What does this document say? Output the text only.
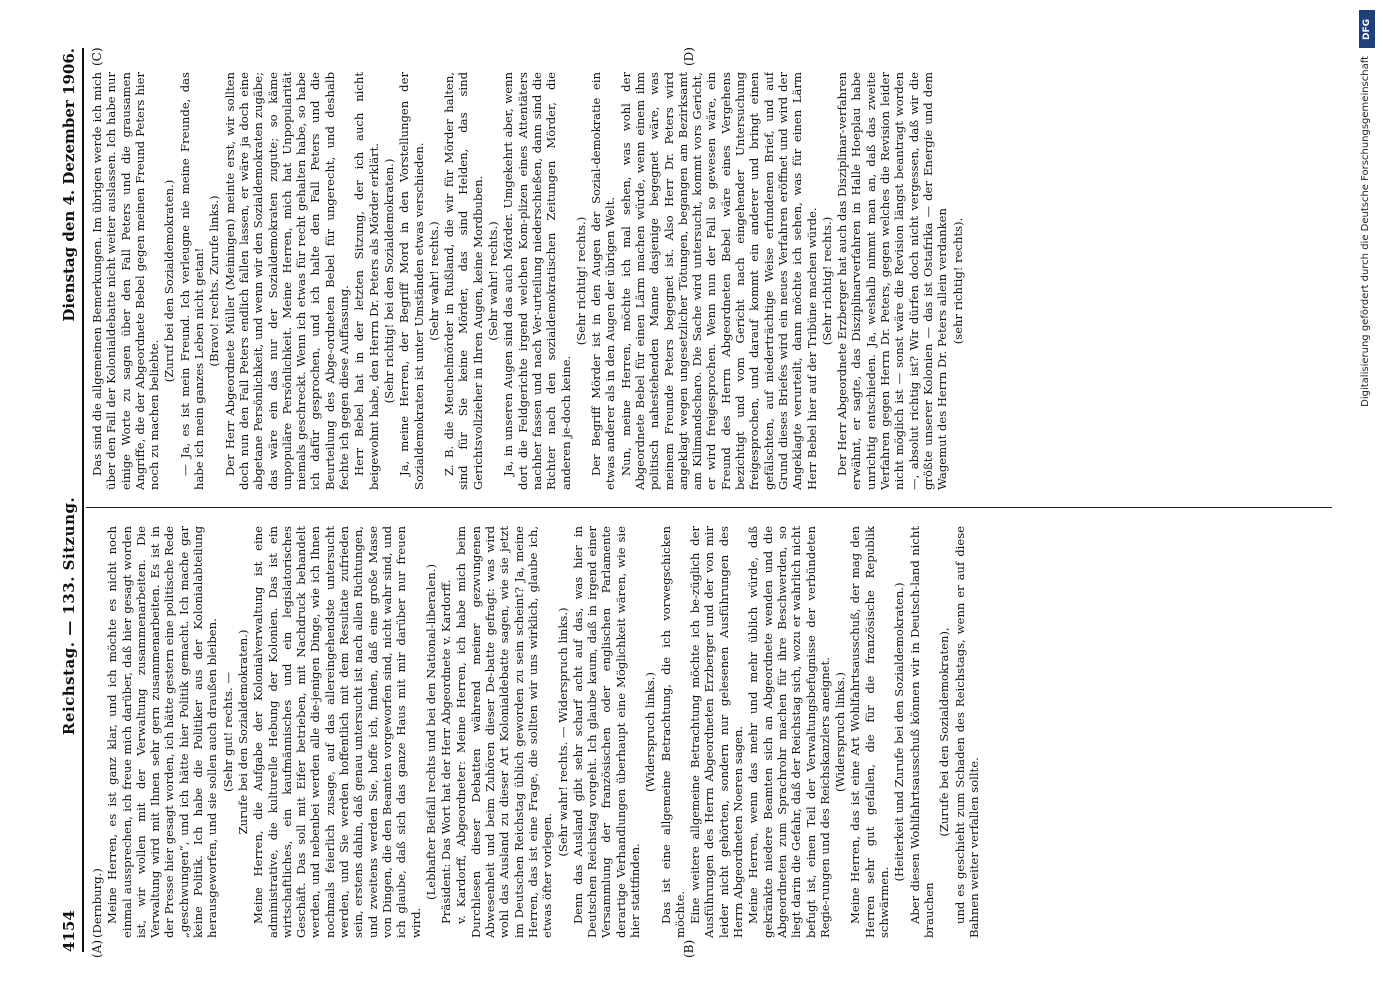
4154
Reichstag. — 133. Sitzung.
Dienstag den 4. Dezember 1906.
(A)	(B)
(C)	(D)

(Dernburg.) Meine Herren, es ist ganz klar, und ich möchte es nicht noch einmal aussprechen, ich freue mich darüber, daß hier gesagt worden ist, wir wollen mit der Verwaltung zusammenarbeiten. Die Verwaltung wird mit Ihnen sehr gern zusammenarbeiten. Es ist in der Presse hier gesagt worden, ich hätte gestern eine politische Rede „geschwungen“, und ich hätte hier Politik gemacht. Ich mache gar keine Politik. Ich habe die Politiker aus der Kolonialabteilung herausgeworfen, und sie sollen auch draußen bleiben. (Sehr gut! rechts. — Zurufe bei den Sozialdemokraten.) Meine Herren, die Aufgabe der Kolonialverwaltung ist eine administrative, die kulturelle Hebung der Kolonien. Das ist ein wirtschaftliches, ein kaufmännisches und ein legislatorisches Geschäft. Das soll mit Eifer betrieben, mit Nachdruck behandelt werden, und nebenbei werden alle die-jenigen Dinge, wie ich Ihnen nochmals feierlich zusage, auf das allereingehendste untersucht werden, und Sie werden hoffentlich mit dem Resultate zufrieden sein, erstens dahin, daß genau untersucht ist nach allen Richtungen, und zweitens werden Sie, hoffe ich, finden, daß eine große Masse von Dingen, die den Beamten vorgeworfen sind, nicht wahr sind, und ich glaube, daß sich das ganze Haus mit mir darüber nur freuen wird.

(Lebhafter Beifall rechts und bei den National-liberalen.) Präsident: Das Wort hat der Herr Abgeordnete v. Kardorff. v. Kardorff, Abgeordneter: Meine Herren, ich habe mich beim Durchlesen dieser Debatten während meiner gezwungenen Abwesenheit und beim Zuhören dieser De-batte gefragt: was wird wohl das Ausland zu dieser Art Kolonialdebatte sagen, wie sie jetzt im Deutschen Reichstag üblich geworden zu sein scheint? Ja, meine Herren, das ist eine Frage, die sollten wir uns wirklich, glaube ich, etwas öfter vorlegen.

(Sehr wahr! rechts. — Widerspruch links.) Denn das Ausland gibt sehr scharf acht auf das, was hier in Deutschen Reichstag vorgeht. Ich glaube kaum, daß in irgend einer Versammlung der französischen oder englischen Parlamente derartige Verhandlungen überhaupt eine Möglichkeit wären, wie sie hier stattfinden.

(Widerspruch links.) Das ist eine allgemeine Betrachtung, die ich vorwegschicken möchte. Eine weitere allgemeine Betrachtung möchte ich be-züglich der Ausführungen des Herrn Abgeordneten Erzberger und der von mir leider nicht gehörten, sondern nur gelesenen Ausführungen des Herrn Abgeordneten Noeren sagen. Meine Herren, wenn das mehr und mehr üblich würde, daß gekränkte niedere Beamten sich an Abgeordnete wenden und die Abgeordneten zum Sprachrohr machen für ihre Beschwerden, so liegt darin die Gefahr, daß der Reichstag sich, wozu er wahrlich nicht befugt ist, einen Teil der Verwaltungsbefugnisse der verbündeten Regie-rungen und des Reichskanzlers aneignet. (Widerspruch links.) Meine Herren, das ist eine Art Wohlfahrtsausschuß, der mag den Herren sehr gut gefallen, die für die französische Republik schwärmen.

(Heiterkeit und Zurufe bei den Sozialdemokraten.) Aber diesen Wohlfahrtsausschuß können wir in Deutsch-land nicht brauchen

(Zurufe bei den Sozialdemokraten), und es geschieht zum Schaden des Reichstags, wenn er auf diese Bahnen weiter verfallen sollte.

Das sind die allgemeinen Bemerkungen. Im übrigen werde ich mich über den Fall der Kolonialdebatte nicht weiter auslassen. Ich habe nur einige Worte zu sagen über den Fall Peters und die grausamen Angriffe, die der Abgeordnete Bebel gegen meinen Freund Peters hier noch zu machen beliebte.

(Zuruf bei den Sozialdemokraten.) — Ja, es ist mein Freund. Ich verleugne nie meine Freunde, das habe ich mein ganzes Leben nicht getan! (Bravo! rechts. Zurufe links.) Der Herr Abgeordnete Müller (Meiningen) meinte erst, wir sollten doch nun den Fall Peters endlich fallen lassen, er wäre ja doch eine abgetane Persönlichkeit, und wenn wir den Sozialdemokraten zugäbe; das wäre ein das nur der Sozialdemokraten zugute; so käme unpopuläre Persönlichkeit. Meine Herren, mich hat Unpopularität niemals geschreckt. Wenn ich etwas für recht gehalten habe, so habe ich dafür gesprochen, und ich halte den Fall Peters und die Beurteilung des Abge-ordneten Bebel für ungerecht, und deshalb fechte ich gegen diese Auffassung. Herr Bebel hat in der letzten Sitzung, der ich auch nicht beigewohnt habe, den Herrn Dr. Peters als Mörder erklärt. (Sehr richtig! bei den Sozialdemokraten.) Ja, meine Herren, der Begriff Mord in den Vorstellungen der Sozialdemokraten ist unter Umständen etwas verschieden. (Sehr wahr! rechts.) Z. B. die Meuchelmörder in Rußland, die wir für Mörder halten, sind für Sie keine Mörder, das sind Helden, das sind Gerichtsvollzieher in Ihren Augen, keine Mordbuben. (Sehr wahr! rechts.) Ja, in unseren Augen sind das auch Mörder. Umgekehrt aber, wenn dort die Feldgerichte irgend welchen Kom-plizen eines Attentäters nachher fassen und nach Ver-urteilung niederschießen, dann sind die Richter nach den sozialdemokratischen Zeitungen Mörder, die anderen je-doch keine.

(Sehr richtig! rechts.) Der Begriff Mörder ist in den Augen der Sozial-demokratie ein etwas anderer als in den Augen der übrigen Welt. Nun, meine Herren, möchte ich mal sehen, was wohl der Abgeordnete Bebel für einen Lärm machen würde, wenn einem ihm politisch nahestehenden Manne dasjenige begegnet wäre, was meinem Freunde Peters begegnet ist. Also Herr Dr. Peters wird angeklagt wegen ungesetzlicher Tötungen, begangen am Bezirksamt am Kilimandscharo. Die Sache wird untersucht, kommt vors Gericht, er wird freigesprochen. Wenn nun der Fall so gewesen wäre, ein Freund des Herrn Abgeordneten Bebel wäre eines Vergehens bezichtigt und vom Gericht nach eingehender Untersuchung freigesprochen, und darauf kommt ein anderer und bringt einen gefälschten, auf niederträchtige Weise erfundenen Brief, und auf Grund dieses Briefes wird ein neues Verfahren eröffnet und wird der Angeklagte verurteilt, dann möchte ich sehen, was für einen Lärm Herr Bebel hier auf der Tribüne machen würde. (Sehr richtig! rechts.) Der Herr Abgeordnete Erzberger hat auch das Disziplinar-verfahren erwähnt, er sagte, das Disziplinarverfahren in Halle Hoeplau habe unrichtig entschieden. Ja, weshalb nimmt man an, daß das zweite Verfahren gegen Herrn Dr. Peters, gegen welches die Revision leider nicht möglich ist — sonst wäre die Revision längst beantragt worden —, absolut richtig ist? Wir dürfen doch nicht vergessen, daß wir die größte unserer Kolonien — das ist Ostafrika — der Energie und dem Wagemut des Herrn Dr. Peters allein verdanken (sehr richtig! rechts).

DFG
Digitalisierung gefördert durch die Deutsche Forschungsgemeinschaft
